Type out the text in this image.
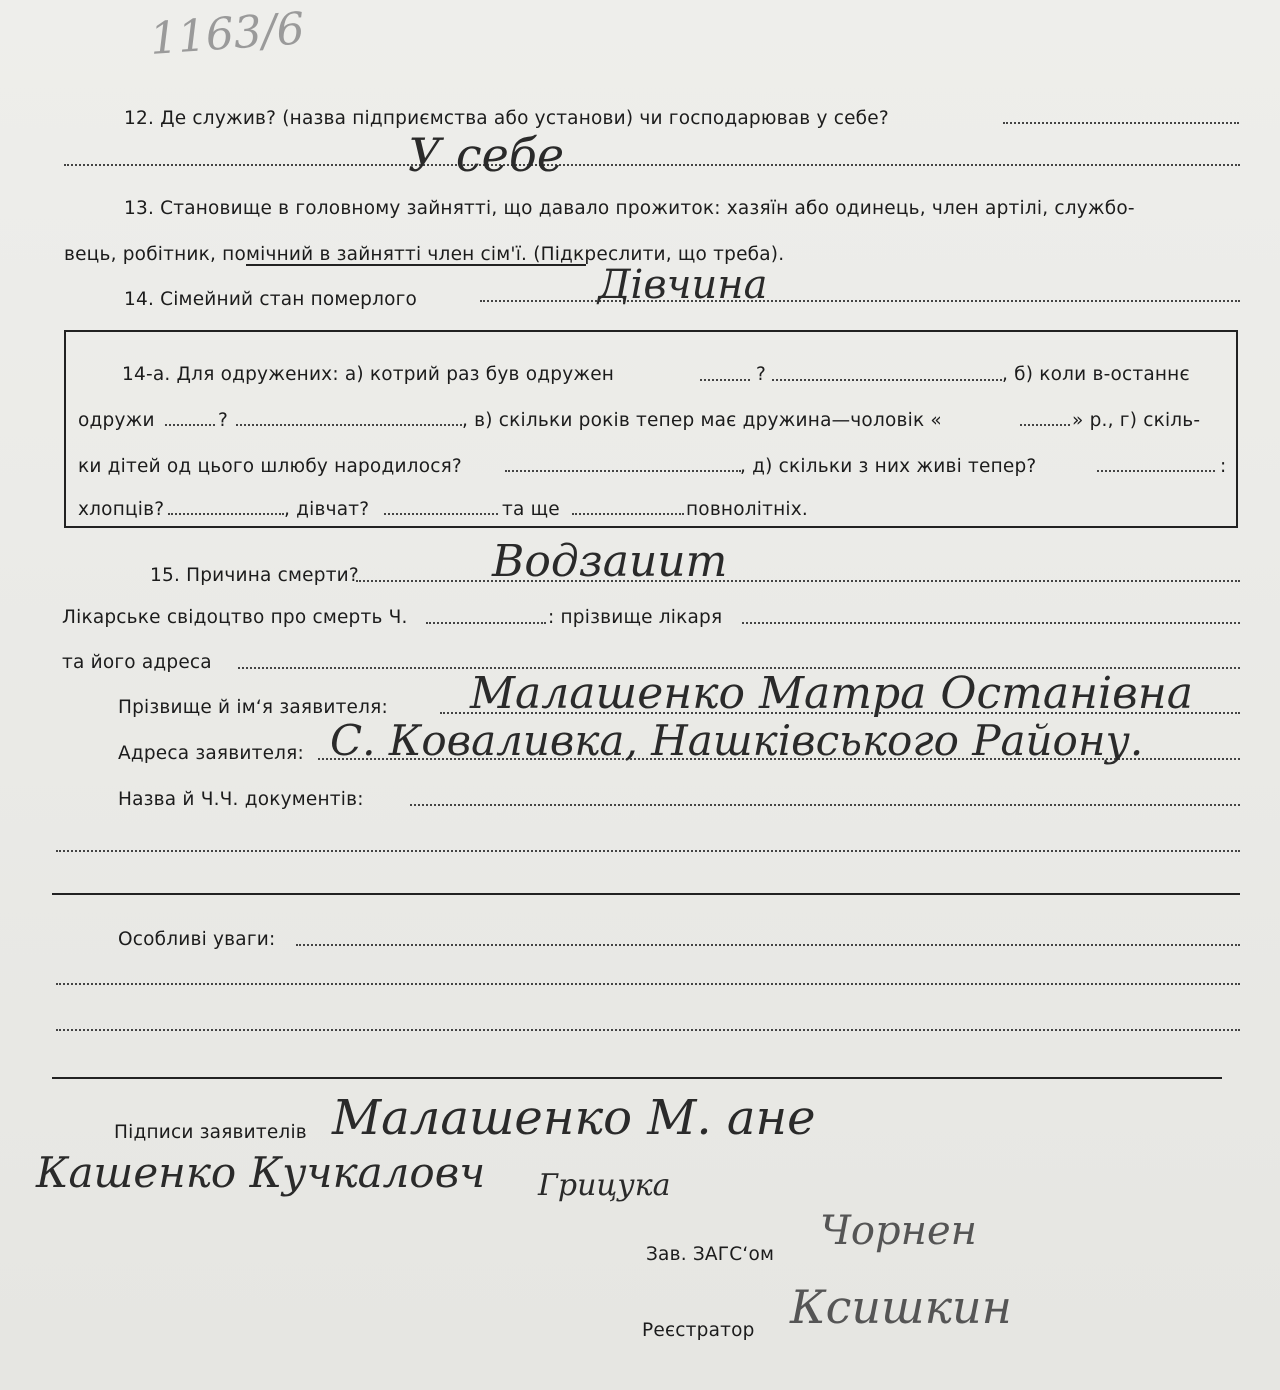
1163/6
12. Де служив? (назва підприємства або установи) чи господарював у себе?
У себе
13. Становище в головному зайнятті, що давало прожиток: хазяїн або одинець, член артілі, службо-
вець, робітник, помічний в зайнятті член сім'ї. (Підкреслити, що треба).
14. Сімейний стан померлого	Дівчина
14-а. Для одружених: а) котрий раз був одружен	?	, б) коли в-останнє
одружи	?	, в) скільки років тепер має дружина—чоловік «	» р., г) скіль-
ки дітей од цього шлюбу народилося?	, д) скільки з них живі тепер?	:
хлопців?	, дівчат?	та ще	повнолітніх.
15. Причина смерти?	Водзаиит
Лікарське свідоцтво про смерть Ч.	: прізвище лікаря
та його адреса
Прізвище й ім‘я заявителя: Малашенко Матра Останівна
Адреса заявителя: С. Коваливка, Нашківського Району.
Назва й Ч.Ч. документів:
Особливі уваги:
Підписи заявителів Малашенко М. ане
Кашенко Кучкаловч Грицука
Зав. ЗАГС‘ом
Чорнен
Реєстратор Ксишкин
